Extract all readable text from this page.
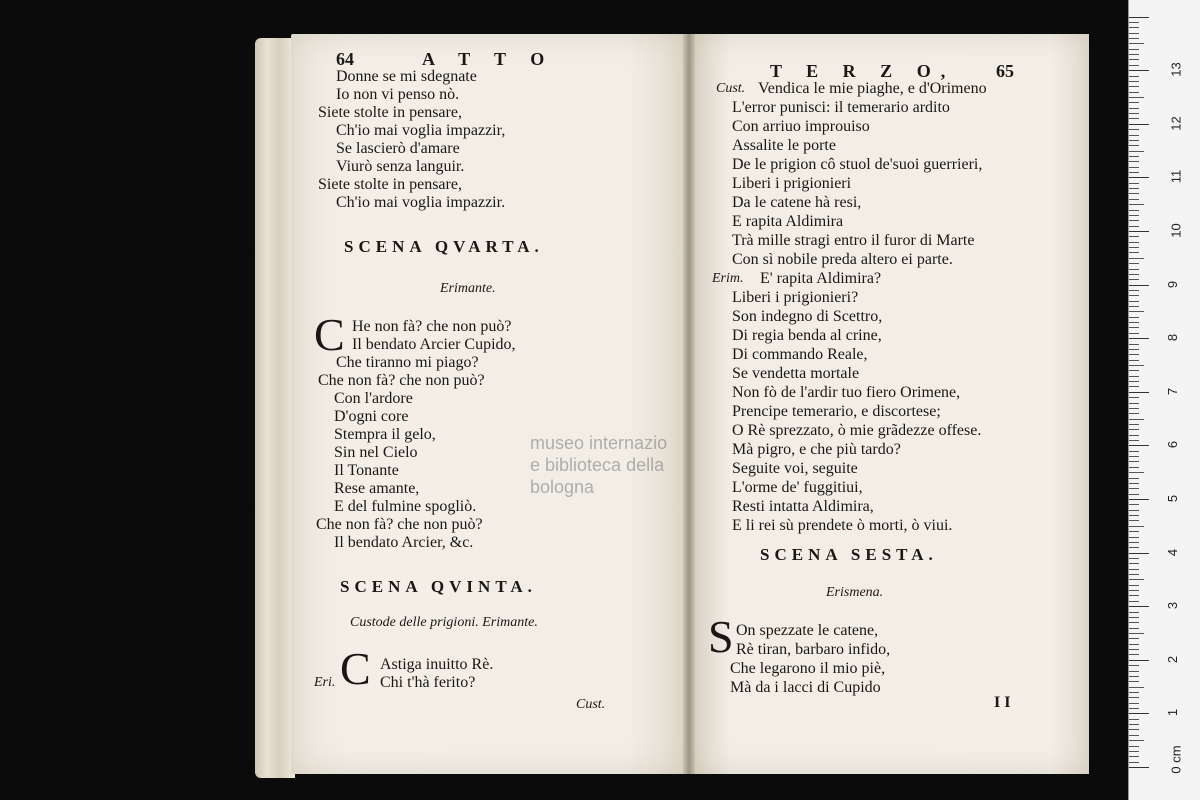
64	A T T O
Donne se mi sdegnate
Io non vi penso nò.
Siete stolte in pensare,
Ch'io mai voglia impazzir,
Se lascierò d'amare
Viurò senza languir.
Siete stolte in pensare,
Ch'io mai voglia impazzir.
SCENA QVARTA.
Erimante.
C He non fà? che non può?
Il bendato Arcier Cupido,
Che tiranno mi piago?
Che non fà? che non può?
Con l'ardore
D'ogni core
Stempra il gelo,
Sin nel Cielo
Il Tonante
Rese amante,
E del fulmine spogliò.
Che non fà? che non può?
Il bendato Arcier, &c.
SCENA QVINTA.
Custode delle prigioni. Erimante.
C Astiga inuitto Rè.
Eri.	Chi t'hà ferito?
Cust.
T E R Z O, 65
Cust. Vendica le mie piaghe, e d'Orimeno
L'error punisci: il temerario ardito
Con arriuo improuiso
Assalite le porte
De le prigion cô stuol de'suoi guerrieri,
Liberi i prigionieri
Da le catene hà resi,
E rapita Aldimira
Trà mille stragi entro il furor di Marte
Con sì nobile preda altero ei parte.
Erim. E' rapita Aldimira?
Liberi i prigionieri?
Son indegno di Scettro,
Di regia benda al crine,
Di commando Reale,
Se vendetta mortale
Non fò de l'ardir tuo fiero Orimene,
Prencipe temerario, e discortese;
O Rè sprezzato, ò mie grãdezze offese.
Mà pigro, e che più tardo?
Seguite voi, seguite
L'orme de' fuggitiui,
Resti intatta Aldimira,
E li rei sù prendete ò morti, ò viui.
SCENA SESTA.
Erismena.
S On spezzate le catene,
Rè tiran, barbaro infido,
Che legarono il mio piè,
Mà da i lacci di Cupido
I I
museo internazio
e biblioteca della
bologna
1
2
3
4
5
6
7
8
9
10
11
12
13
0 cm
